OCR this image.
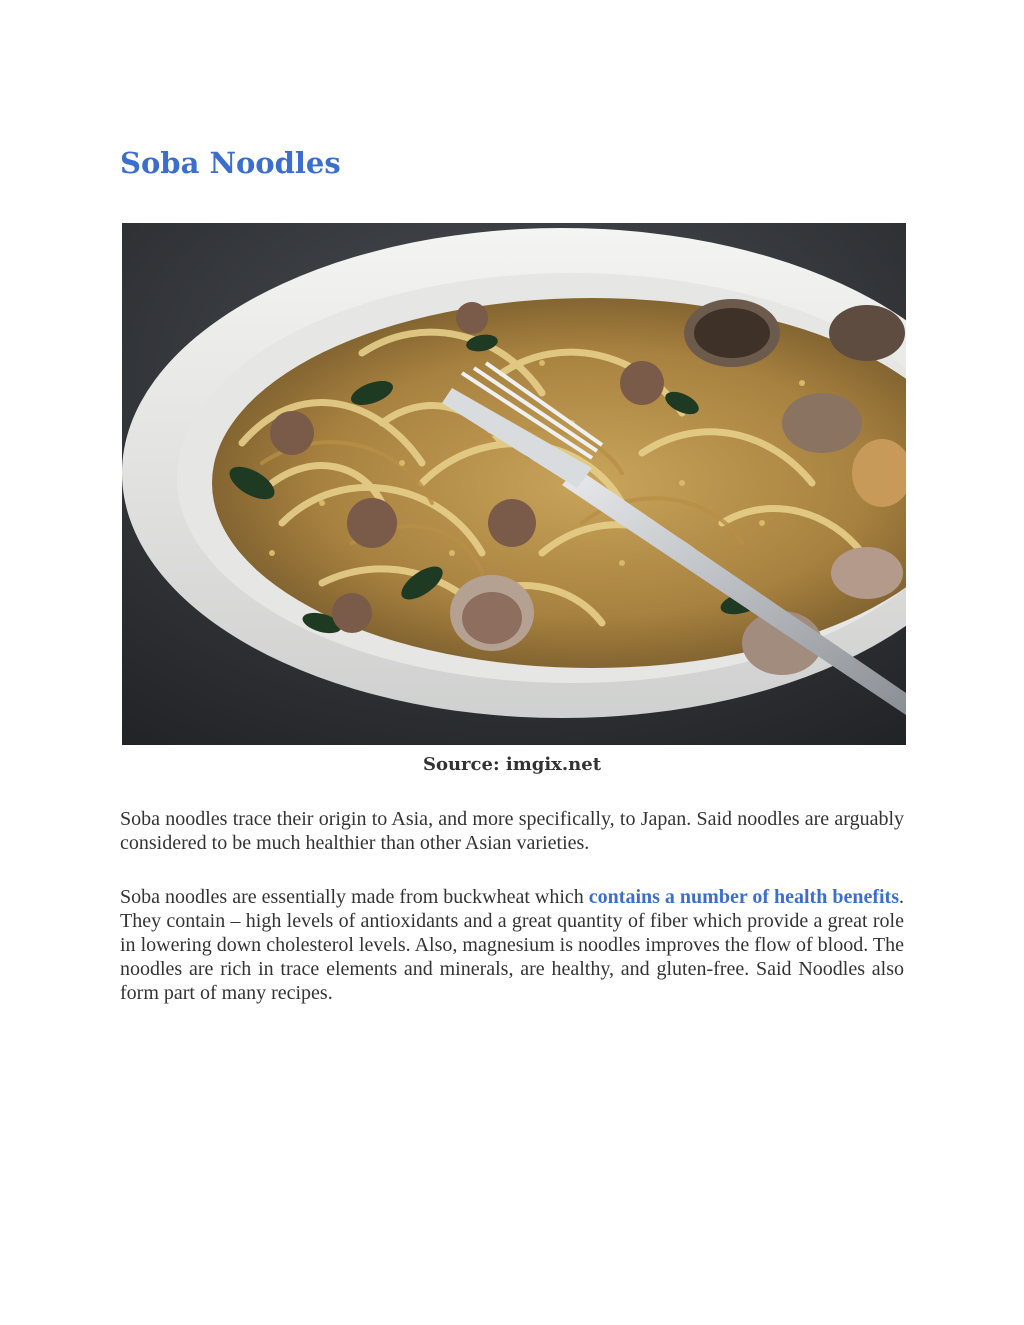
Soba Noodles
Source: imgix.net

Soba noodles trace their origin to Asia, and more specifically, to Japan. Said noodles are arguably considered to be much healthier than other Asian varieties.

Soba noodles are essentially made from buckwheat which contains a number of health benefits. They contain – high levels of antioxidants and a great quantity of fiber which provide a great role in lowering down cholesterol levels. Also, magnesium is noodles improves the flow of blood. The noodles are rich in trace elements and minerals, are healthy, and gluten-free. Said Noodles also form part of many recipes.
